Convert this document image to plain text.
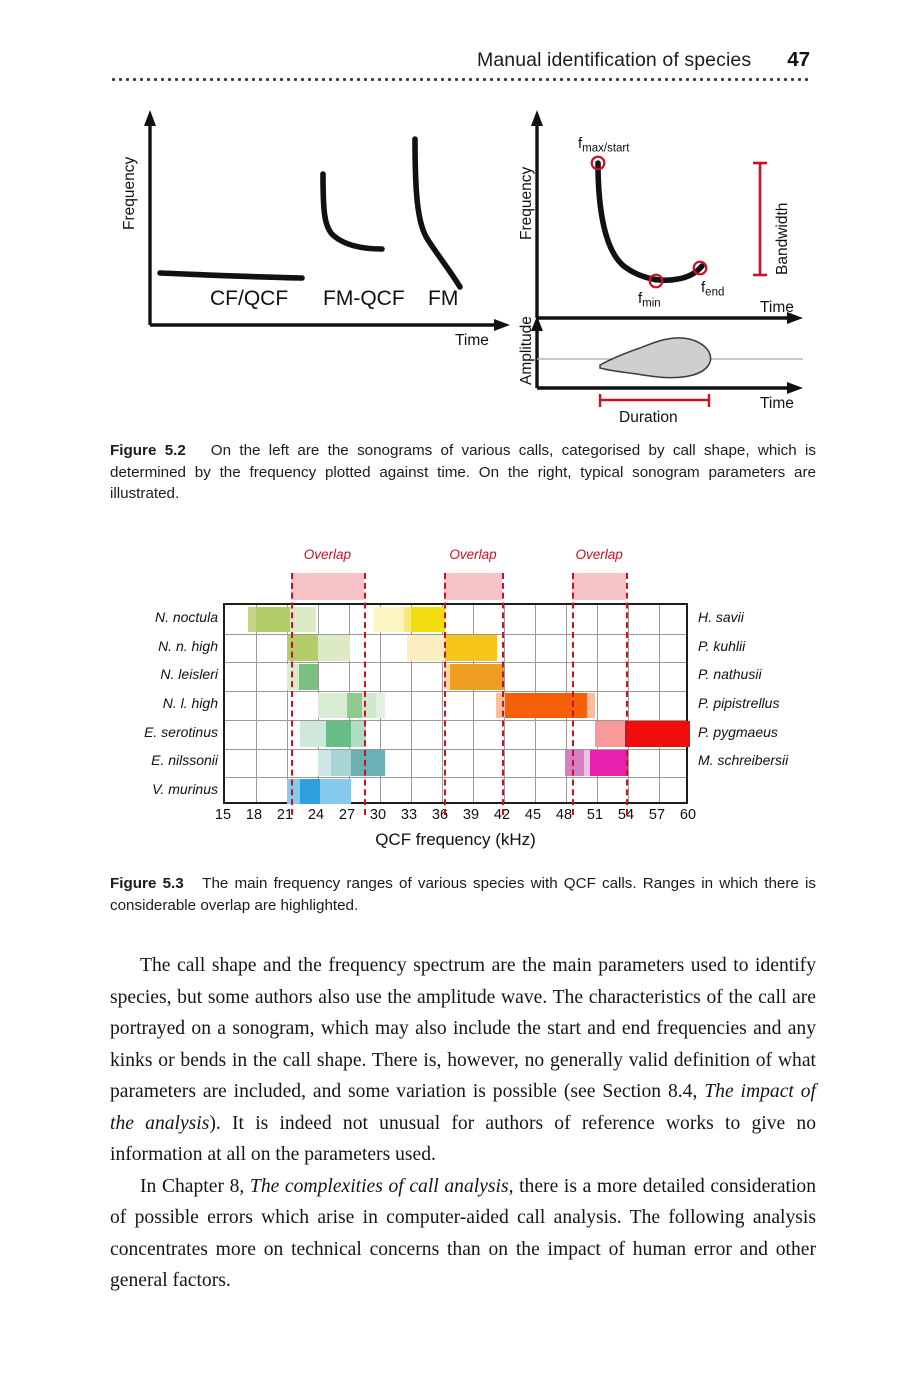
Manual identification of species 47
Frequency
Time
CF/QCF FM-QCF FM
Frequency
$f_{max/start}$
$f_{min}$
$f_{end}$
Bandwidth
Amplitude
Time
Time
Duration
Figure 5.2 On the left are the sonograms of various calls, categorised by call shape, which is determined by the frequency plotted against time. On the right, typical sonogram parameters are illustrated.
N. noctula
N. n. high
N. leisleri
N. l. high
E. serotinus
E. nilssonii
V. murinus
H. savii
P. kuhlii
P. nathusii
P. pipistrellus
P. pygmaeus
M. schreibersii
Overlap	Overlap	Overlap
15 18 21 24 27 30 33 36 39 42 45 48 51 54 57 60
QCF frequency (kHz)
Figure 5.3 The main frequency ranges of various species with QCF calls. Ranges in which there is considerable overlap are highlighted.

The call shape and the frequency spectrum are the main parameters used to identify species, but some authors also use the amplitude wave. The characteristics of the call are portrayed on a sonogram, which may also include the start and end frequencies and any kinks or bends in the call shape. There is, however, no generally valid definition of what parameters are included, and some variation is possible (see Section 8.4, The impact of the analysis). It is indeed not unusual for authors of reference works to give no information at all on the parameters used.

In Chapter 8, The complexities of call analysis, there is a more detailed consideration of possible errors which arise in computer-aided call analysis. The following analysis concentrates more on technical concerns than on the impact of human error and other general factors.
